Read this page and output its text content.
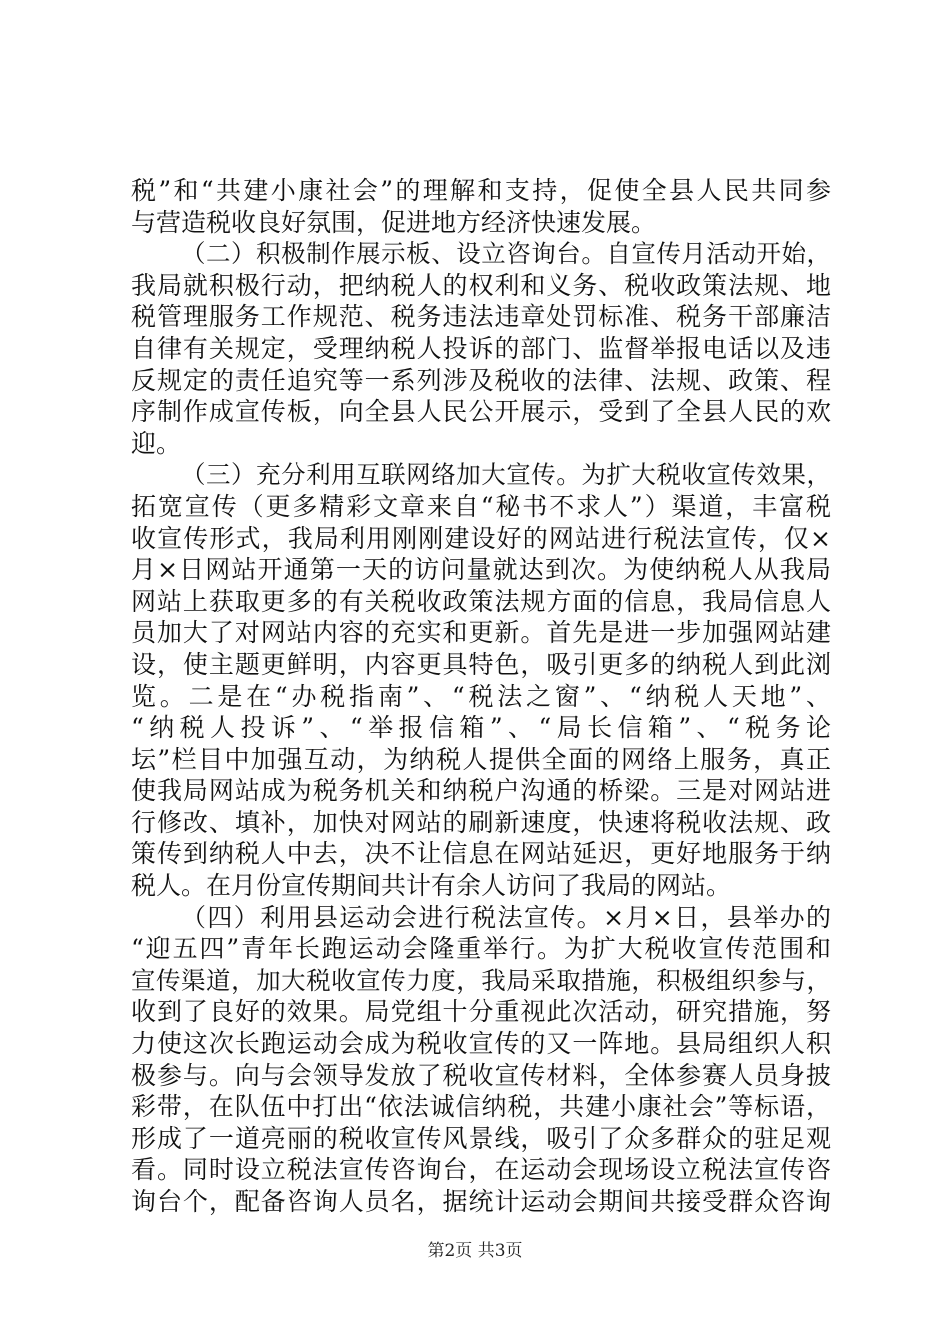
税”和“共建小康社会”的理解和支持，促使全县人民共同参
与营造税收良好氛围，促进地方经济快速发展。
（二）积极制作展示板、设立咨询台。自宣传月活动开始，
我局就积极行动，把纳税人的权利和义务、税收政策法规、地
税管理服务工作规范、税务违法违章处罚标准、税务干部廉洁
自律有关规定，受理纳税人投诉的部门、监督举报电话以及违
反规定的责任追究等一系列涉及税收的法律、法规、政策、程
序制作成宣传板，向全县人民公开展示，受到了全县人民的欢
迎。
（三）充分利用互联网络加大宣传。为扩大税收宣传效果，
拓宽宣传（更多精彩文章来自“秘书不求人”）渠道，丰富税
收宣传形式，我局利用刚刚建设好的网站进行税法宣传，仅×
月×日网站开通第一天的访问量就达到次。为使纳税人从我局
网站上获取更多的有关税收政策法规方面的信息，我局信息人
员加大了对网站内容的充实和更新。首先是进一步加强网站建
设，使主题更鲜明，内容更具特色，吸引更多的纳税人到此浏
览。二是在“办税指南”、“税法之窗”、“纳税人天地”、
“纳税人投诉”、“举报信箱”、“局长信箱”、“税务论
坛”栏目中加强互动，为纳税人提供全面的网络上服务，真正
使我局网站成为税务机关和纳税户沟通的桥梁。三是对网站进
行修改、填补，加快对网站的刷新速度，快速将税收法规、政
策传到纳税人中去，决不让信息在网站延迟，更好地服务于纳
税人。在月份宣传期间共计有余人访问了我局的网站。
（四）利用县运动会进行税法宣传。×月×日，县举办的
“迎五四”青年长跑运动会隆重举行。为扩大税收宣传范围和
宣传渠道，加大税收宣传力度，我局采取措施，积极组织参与，
收到了良好的效果。局党组十分重视此次活动，研究措施，努
力使这次长跑运动会成为税收宣传的又一阵地。县局组织人积
极参与。向与会领导发放了税收宣传材料，全体参赛人员身披
彩带，在队伍中打出“依法诚信纳税，共建小康社会”等标语，
形成了一道亮丽的税收宣传风景线，吸引了众多群众的驻足观
看。同时设立税法宣传咨询台，在运动会现场设立税法宣传咨
询台个，配备咨询人员名，据统计运动会期间共接受群众咨询
第2页 共3页
